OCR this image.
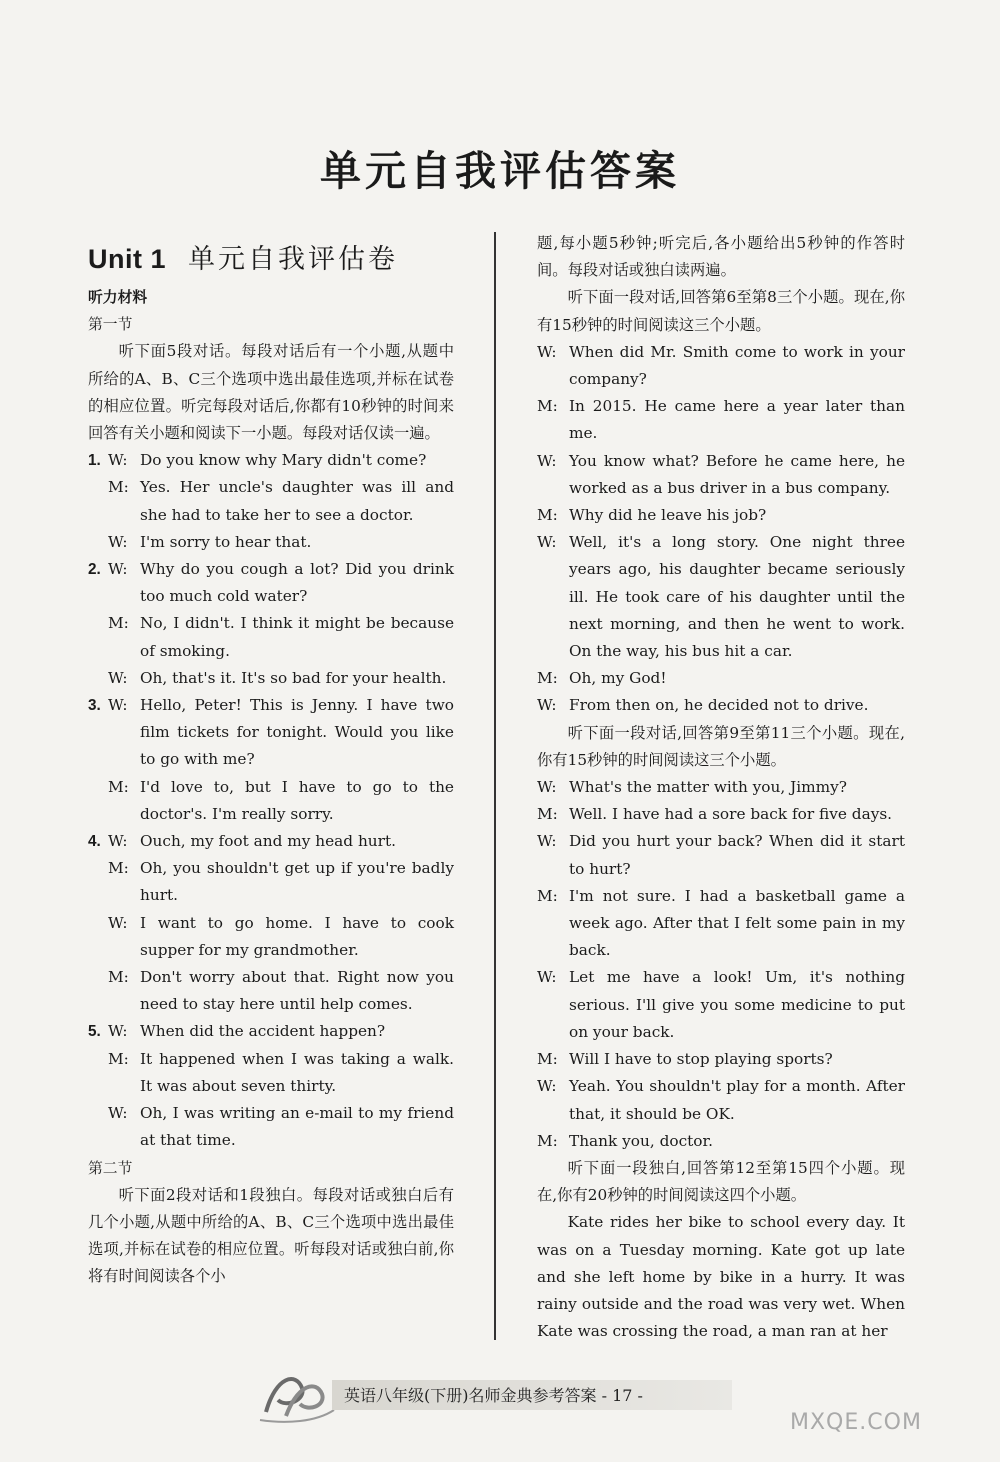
单元自我评估答案
Unit 1 单元自我评估卷
听力材料
第一节
听下面5段对话。每段对话后有一个小题,从题中所给的A、B、C三个选项中选出最佳选项,并标在试卷的相应位置。听完每段对话后,你都有10秒钟的时间来回答有关小题和阅读下一小题。每段对话仅读一遍。
1. W: Do you know why Mary didn't come?
M: Yes. Her uncle's daughter was ill and she had to take her to see a doctor.
W: I'm sorry to hear that.
2. W: Why do you cough a lot? Did you drink too much cold water?
M: No, I didn't. I think it might be because of smoking.
W: Oh, that's it. It's so bad for your health.
3. W: Hello, Peter! This is Jenny. I have two film tickets for tonight. Would you like to go with me?
M: I'd love to, but I have to go to the doctor's. I'm really sorry.
4. W: Ouch, my foot and my head hurt.
M: Oh, you shouldn't get up if you're badly hurt.
W: I want to go home. I have to cook supper for my grandmother.
M: Don't worry about that. Right now you need to stay here until help comes.
5. W: When did the accident happen?
M: It happened when I was taking a walk. It was about seven thirty.
W: Oh, I was writing an e-mail to my friend at that time.
第二节
听下面2段对话和1段独白。每段对话或独白后有几个小题,从题中所给的A、B、C三个选项中选出最佳选项,并标在试卷的相应位置。听每段对话或独白前,你将有时间阅读各个小
题,每小题5秒钟;听完后,各小题给出5秒钟的作答时间。每段对话或独白读两遍。
听下面一段对话,回答第6至第8三个小题。现在,你有15秒钟的时间阅读这三个小题。
W: When did Mr. Smith come to work in your company?
M: In 2015. He came here a year later than me.
W: You know what? Before he came here, he worked as a bus driver in a bus company.
M: Why did he leave his job?
W: Well, it's a long story. One night three years ago, his daughter became seriously ill. He took care of his daughter until the next morning, and then he went to work. On the way, his bus hit a car.
M: Oh, my God!
W: From then on, he decided not to drive.
听下面一段对话,回答第9至第11三个小题。现在,你有15秒钟的时间阅读这三个小题。
W: What's the matter with you, Jimmy?
M: Well. I have had a sore back for five days.
W: Did you hurt your back? When did it start to hurt?
M: I'm not sure. I had a basketball game a week ago. After that I felt some pain in my back.
W: Let me have a look! Um, it's nothing serious. I'll give you some medicine to put on your back.
M: Will I have to stop playing sports?
W: Yeah. You shouldn't play for a month. After that, it should be OK.
M: Thank you, doctor.
听下面一段独白,回答第12至第15四个小题。现在,你有20秒钟的时间阅读这四个小题。
Kate rides her bike to school every day. It was on a Tuesday morning. Kate got up late and she left home by bike in a hurry. It was rainy outside and the road was very wet. When Kate was crossing the road, a man ran at her
英语八年级(下册)名师金典参考答案 - 17 -
MXQE.COM
